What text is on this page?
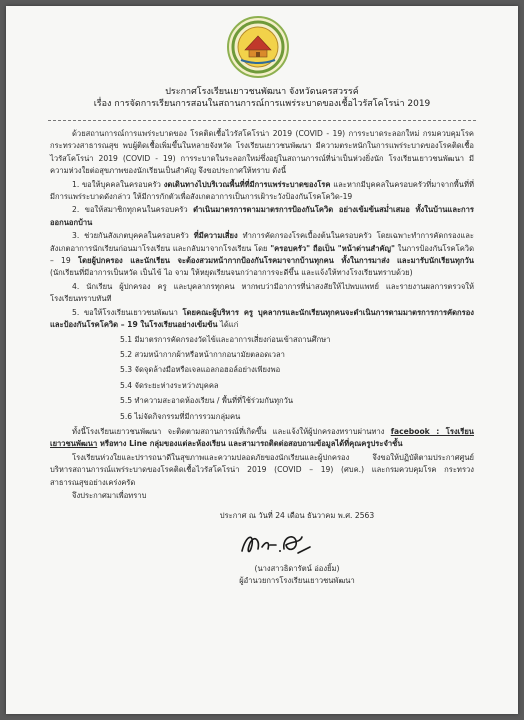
ประกาศโรงเรียนเยาวชนพัฒนา จังหวัดนครสวรรค์
เรื่อง การจัดการเรียนการสอนในสถานการณ์การแพร่ระบาดของเชื้อไวรัสโคโรน่า 2019

ด้วยสถานการณ์การแพร่ระบาดของ โรคติดเชื้อไวรัสโคโรน่า 2019 (COVID - 19) การระบาดระลอกใหม่ กรมควบคุมโรค กระทรวงสาธารณสุข พบผู้ติดเชื้อเพิ่มขึ้นในหลายจังหวัด โรงเรียนเยาวชนพัฒนา มีความตระหนักในการแพร่ระบาดของโรคติดเชื้อไวรัสโคโรน่า 2019 (COVID - 19) การระบาดในระลอกใหม่ซึ่งอยู่ในสถานการณ์ที่น่าเป็นห่วงยิ่งนัก โรงเรียนเยาวชนพัฒนา มีความห่วงใยต่อสุขภาพของนักเรียนเป็นสำคัญ จึงขอประกาศให้ทราบ ดังนี้

1. ขอให้บุคคลในครอบครัว งดเดินทางไปบริเวณพื้นที่ที่มีการแพร่ระบาดของโรค และหากมีบุคคลในครอบครัวที่มาจากพื้นที่ที่มีการแพร่ระบาดดังกล่าว ให้มีการกักตัวเพื่อสังเกตอาการเป็นการเฝ้าระวังป้องกันโรคโควิด-19

2. ขอให้สมาชิกทุกคนในครอบครัว ดำเนินมาตรการตามมาตรการป้องกันโควิด อย่างเข้มข้นสม่ำเสมอ ทั้งในบ้านและการออกนอกบ้าน

3. ช่วยกันสังเกตบุคคลในครอบครัว ที่มีความเสี่ยง ทำการคัดกรองโรคเบื้องต้นในครอบครัว โดยเฉพาะทำการคัดกรองและสังเกตอาการนักเรียนก่อนมาโรงเรียน และกลับมาจากโรงเรียน โดย "ครอบครัว" ถือเป็น "หน้าด่านสำคัญ" ในการป้องกันโรคโควิด – 19 โดยผู้ปกครอง และนักเรียน จะต้องสวมหน้ากากป้องกันโรคมาจากบ้านทุกคน ทั้งในการมาส่ง และมารับนักเรียนทุกวัน (นักเรียนที่มีอาการเป็นหวัด เป็นไข้ ไอ จาม ให้หยุดเรียนจนกว่าอาการจะดีขึ้น และแจ้งให้ทางโรงเรียนทราบด้วย)

4. นักเรียน ผู้ปกครอง ครู และบุคลากรทุกคน หากพบว่ามีอาการที่น่าสงสัยให้ไปพบแพทย์ และรายงานผลการตรวจให้โรงเรียนทราบทันที

5. ขอให้โรงเรียนเยาวชนพัฒนา โดยคณะผู้บริหาร ครู บุคลากรและนักเรียนทุกคนจะดำเนินการตามมาตรการการคัดกรองและป้องกันโรคโควิด – 19 ในโรงเรียนอย่างเข้มข้น ได้แก่

5.1 มีมาตรการคัดกรองวัดไข้และอาการเสี่ยงก่อนเข้าสถานศึกษา
5.2 สวมหน้ากากผ้าหรือหน้ากากอนามัยตลอดเวลา
5.3 จัดจุดล้างมือหรือเจลแอลกอฮอล์อย่างเพียงพอ
5.4 จัดระยะห่างระหว่างบุคคล
5.5 ทำความสะอาดห้องเรียน / พื้นที่ที่ใช้ร่วมกันทุกวัน
5.6 ไม่จัดกิจกรรมที่มีการรวมกลุ่มคน

ทั้งนี้โรงเรียนเยาวชนพัฒนา จะติดตามสถานการณ์ที่เกิดขึ้น และแจ้งให้ผู้ปกครองทราบผ่านทาง facebook : โรงเรียนเยาวชนพัฒนา หรือทาง Line กลุ่มของแต่ละห้องเรียน และสามารถติดต่อสอบถามข้อมูลได้ที่คุณครูประจำชั้น

โรงเรียนห่วงใยและปรารถนาดีในสุขภาพและความปลอดภัยของนักเรียนและผู้ปกครอง จึงขอให้ปฏิบัติตามประกาศศูนย์บริหารสถานการณ์แพร่ระบาดของโรคติดเชื้อไวรัสโคโรน่า 2019 (COVID – 19) (ศบค.) และกรมควบคุมโรค กระทรวงสาธารณสุขอย่างเคร่งครัด

จึงประกาศมาเพื่อทราบ

ประกาศ ณ วันที่ 24 เดือน ธันวาคม พ.ศ. 2563
(นางสาวธิดารัตน์ อ่องยิ้ม)
ผู้อำนวยการโรงเรียนเยาวชนพัฒนา
